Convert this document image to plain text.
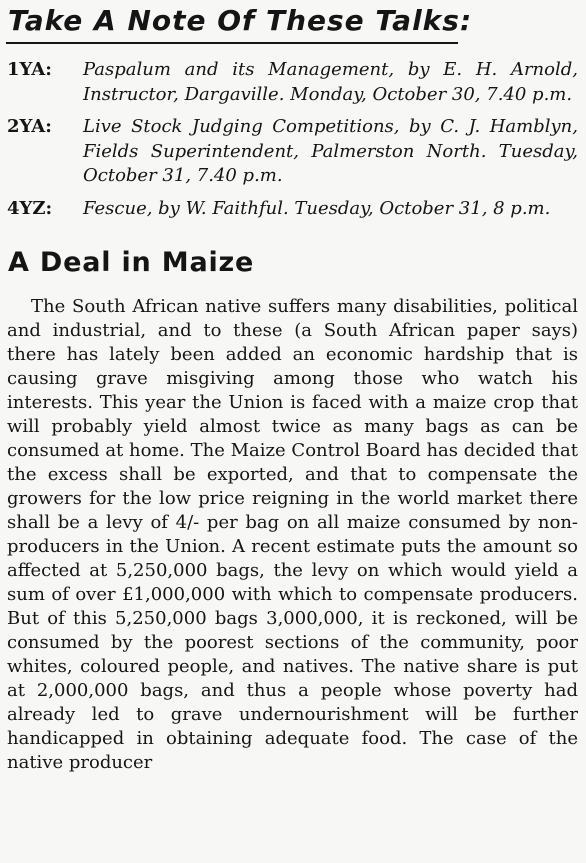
Take A Note Of These Talks:
1YA:	Paspalum and its Management, by E. H. Arnold, Instructor, Dargaville. Monday, October 30, 7.40 p.m.
2YA:	Live Stock Judging Competitions, by C. J. Hamblyn, Fields Superintendent, Palmerston North. Tuesday, October 31, 7.40 p.m.
4YZ:	Fescue, by W. Faithful. Tuesday, October 31, 8 p.m.
A Deal in Maize

The South African native suffers many disabilities, political and industrial, and to these (a South African paper says) there has lately been added an economic hardship that is causing grave misgiving among those who watch his interests. This year the Union is faced with a maize crop that will probably yield almost twice as many bags as can be consumed at home. The Maize Control Board has decided that the excess shall be exported, and that to compensate the growers for the low price reigning in the world market there shall be a levy of 4/- per bag on all maize consumed by non-producers in the Union. A recent estimate puts the amount so affected at 5,250,000 bags, the levy on which would yield a sum of over £1,000,000 with which to compensate producers. But of this 5,250,000 bags 3,000,000, it is reckoned, will be consumed by the poorest sections of the community, poor whites, coloured people, and natives. The native share is put at 2,000,000 bags, and thus a people whose poverty had already led to grave undernourishment will be further handicapped in obtaining adequate food. The case of the native producer
